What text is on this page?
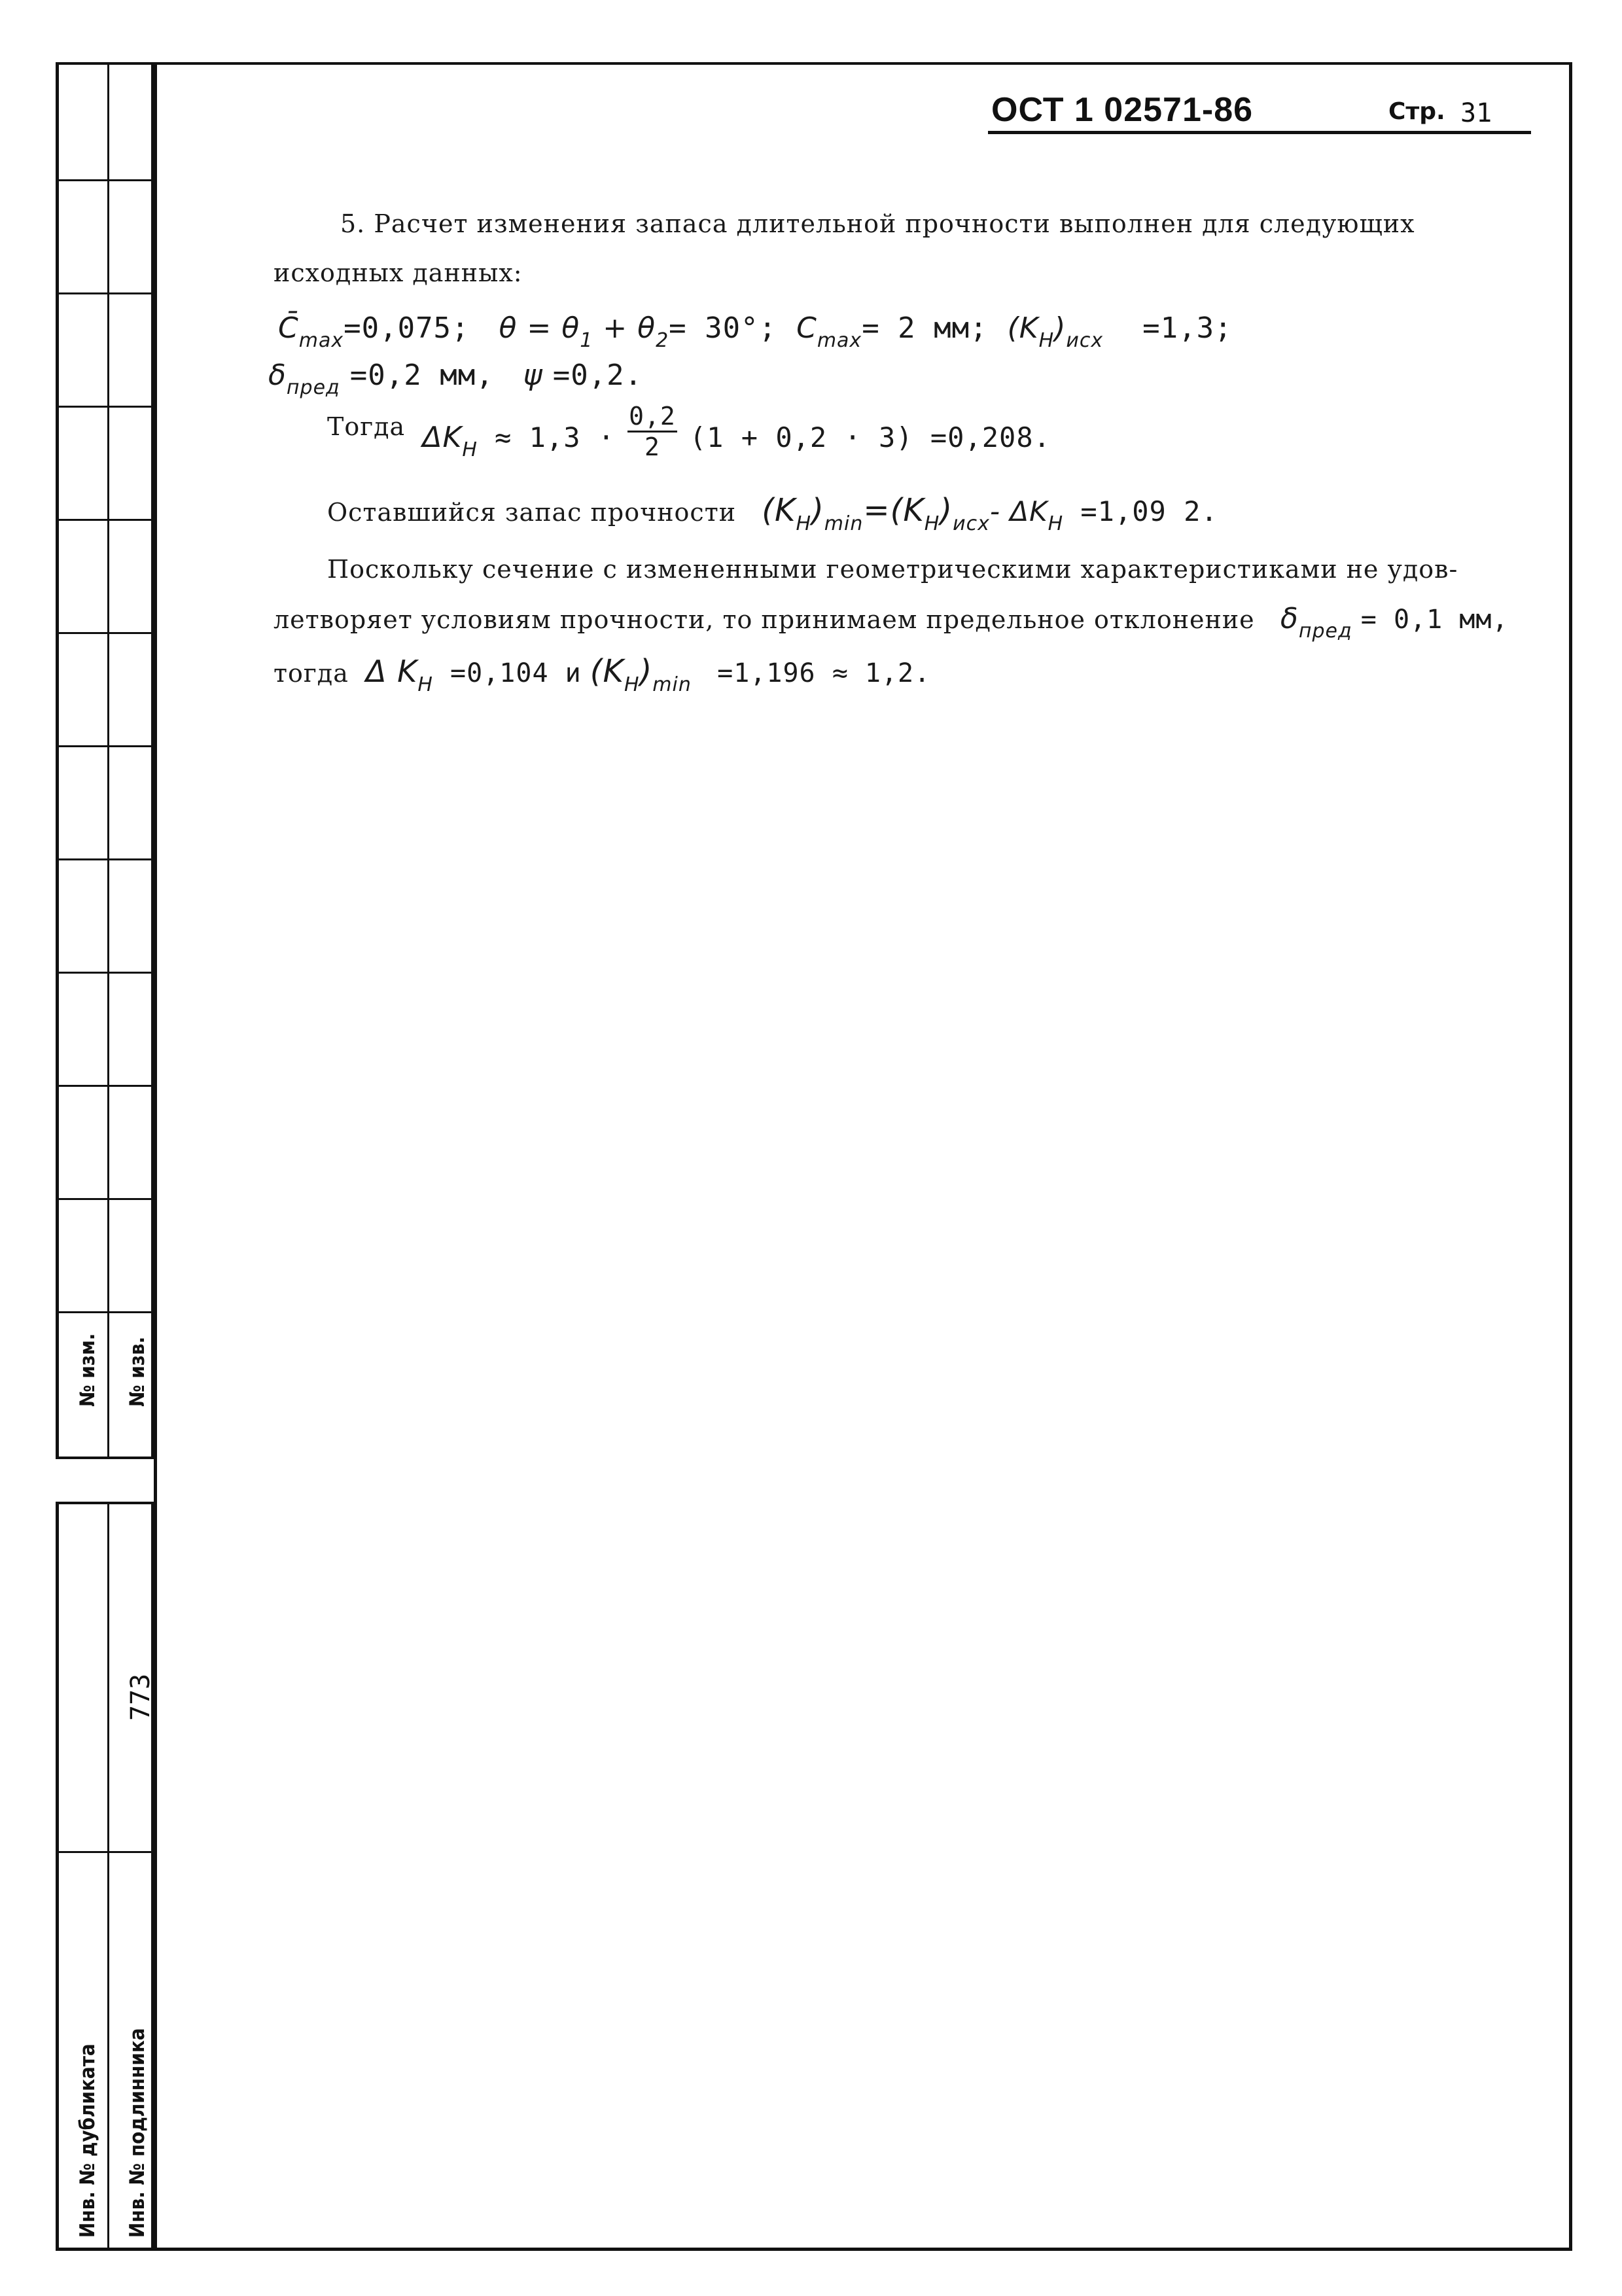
№ изм. № изв.
773
Инв. № дубликата Инв. № подлинника
ОСТ 1 02571-86	Стр. 31
5. Расчет изменения запаса длительной прочности выполнен для следующих
исходных данных:
$C̄_{max}=0,075$; $\theta = \theta_1 + \theta_2= 30^\circ$; $C_{max}= 2$ мм; $(K_H)_{исх} =1,3$;
$\delta_{пред} =0,2$ мм, ψ =0,2.
Тогда $\Delta K_H \approx 1,3 \cdot \frac{0,2}{2} (1 + 0,2 \cdot 3) =0,208$.
Оставшийся запас прочности $(K_H)_{min}=(K_H)_{исх}-$ $\Delta K_H =1,09$ 2.
Поскольку сечение с измененными геометрическими характеристиками не удов-
летворяет условиям прочности, то принимаем предельное отклонение $\delta_{пред} = 0,1$ мм,
тогда Δ $K_H =0,104$ и $(K_H)_{min} =1,196 \approx 1,2$.
